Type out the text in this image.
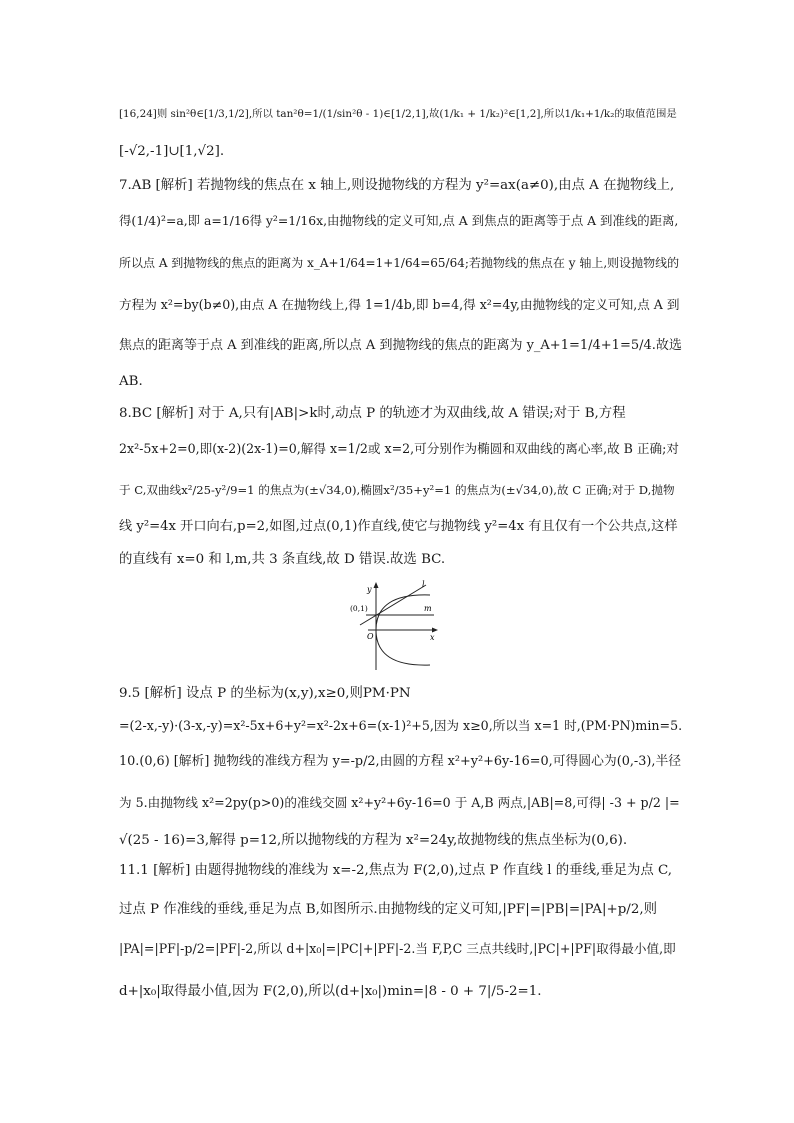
[16,24]则 sin²θ∈[1/3,1/2],所以 tan²θ=1/(1/sin²θ - 1)∈[1/2,1],故(1/k₁ + 1/k₂)²∈[1,2],所以1/k₁+1/k₂的取值范围是
[-√2,-1]∪[1,√2].
7.AB [解析] 若抛物线的焦点在 x 轴上,则设抛物线的方程为 y²=ax(a≠0),由点 A 在抛物线上,
得(1/4)²=a,即 a=1/16得 y²=1/16x,由抛物线的定义可知,点 A 到焦点的距离等于点 A 到准线的距离,
所以点 A 到抛物线的焦点的距离为 x_A+1/64=1+1/64=65/64;若抛物线的焦点在 y 轴上,则设抛物线的
方程为 x²=by(b≠0),由点 A 在抛物线上,得 1=1/4b,即 b=4,得 x²=4y,由抛物线的定义可知,点 A 到
焦点的距离等于点 A 到准线的距离,所以点 A 到抛物线的焦点的距离为 y_A+1=1/4+1=5/4.故选
AB.
8.BC [解析] 对于 A,只有|AB|>k时,动点 P 的轨迹才为双曲线,故 A 错误;对于 B,方程
2x²-5x+2=0,即(x-2)(2x-1)=0,解得 x=1/2或 x=2,可分别作为椭圆和双曲线的离心率,故 B 正确;对
于 C,双曲线x²/25-y²/9=1 的焦点为(±√34,0),椭圆x²/35+y²=1 的焦点为(±√34,0),故 C 正确;对于 D,抛物
线 y²=4x 开口向右,p=2,如图,过点(0,1)作直线,使它与抛物线 y²=4x 有且仅有一个公共点,这样
的直线有 x=0 和 l,m,共 3 条直线,故 D 错误.故选 BC.
9.5 [解析] 设点 P 的坐标为(x,y),x≥0,则PM·PN
=(2-x,-y)·(3-x,-y)=x²-5x+6+y²=x²-2x+6=(x-1)²+5,因为 x≥0,所以当 x=1 时,(PM·PN)min=5.
10.(0,6) [解析] 抛物线的准线方程为 y=-p/2,由圆的方程 x²+y²+6y-16=0,可得圆心为(0,-3),半径
为 5.由抛物线 x²=2py(p>0)的准线交圆 x²+y²+6y-16=0 于 A,B 两点,|AB|=8,可得| -3 + p/2 |=
√(25 - 16)=3,解得 p=12,所以抛物线的方程为 x²=24y,故抛物线的焦点坐标为(0,6).
11.1 [解析] 由题得抛物线的准线为 x=-2,焦点为 F(2,0),过点 P 作直线 l 的垂线,垂足为点 C,
过点 P 作准线的垂线,垂足为点 B,如图所示.由抛物线的定义可知,|PF|=|PB|=|PA|+p/2,则
|PA|=|PF|-p/2=|PF|-2,所以 d+|x₀|=|PC|+|PF|-2.当 F,P,C 三点共线时,|PC|+|PF|取得最小值,即
d+|x₀|取得最小值,因为 F(2,0),所以(d+|x₀|)min=|8 - 0 + 7|/5-2=1.
y
x
O
(0,1)
l
m
